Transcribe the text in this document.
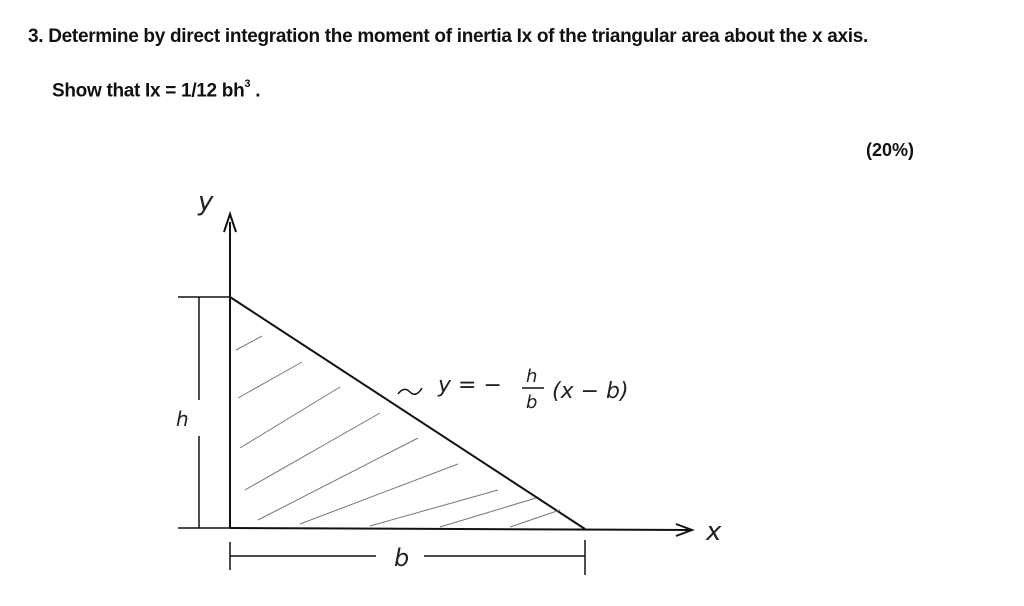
3. Determine by direct integration the moment of inertia Ix of the triangular area about the x axis.
Show that Ix = 1/12 $bh^3$ .
(20%)
y
x
h
b
y = − h
b (x − b)
